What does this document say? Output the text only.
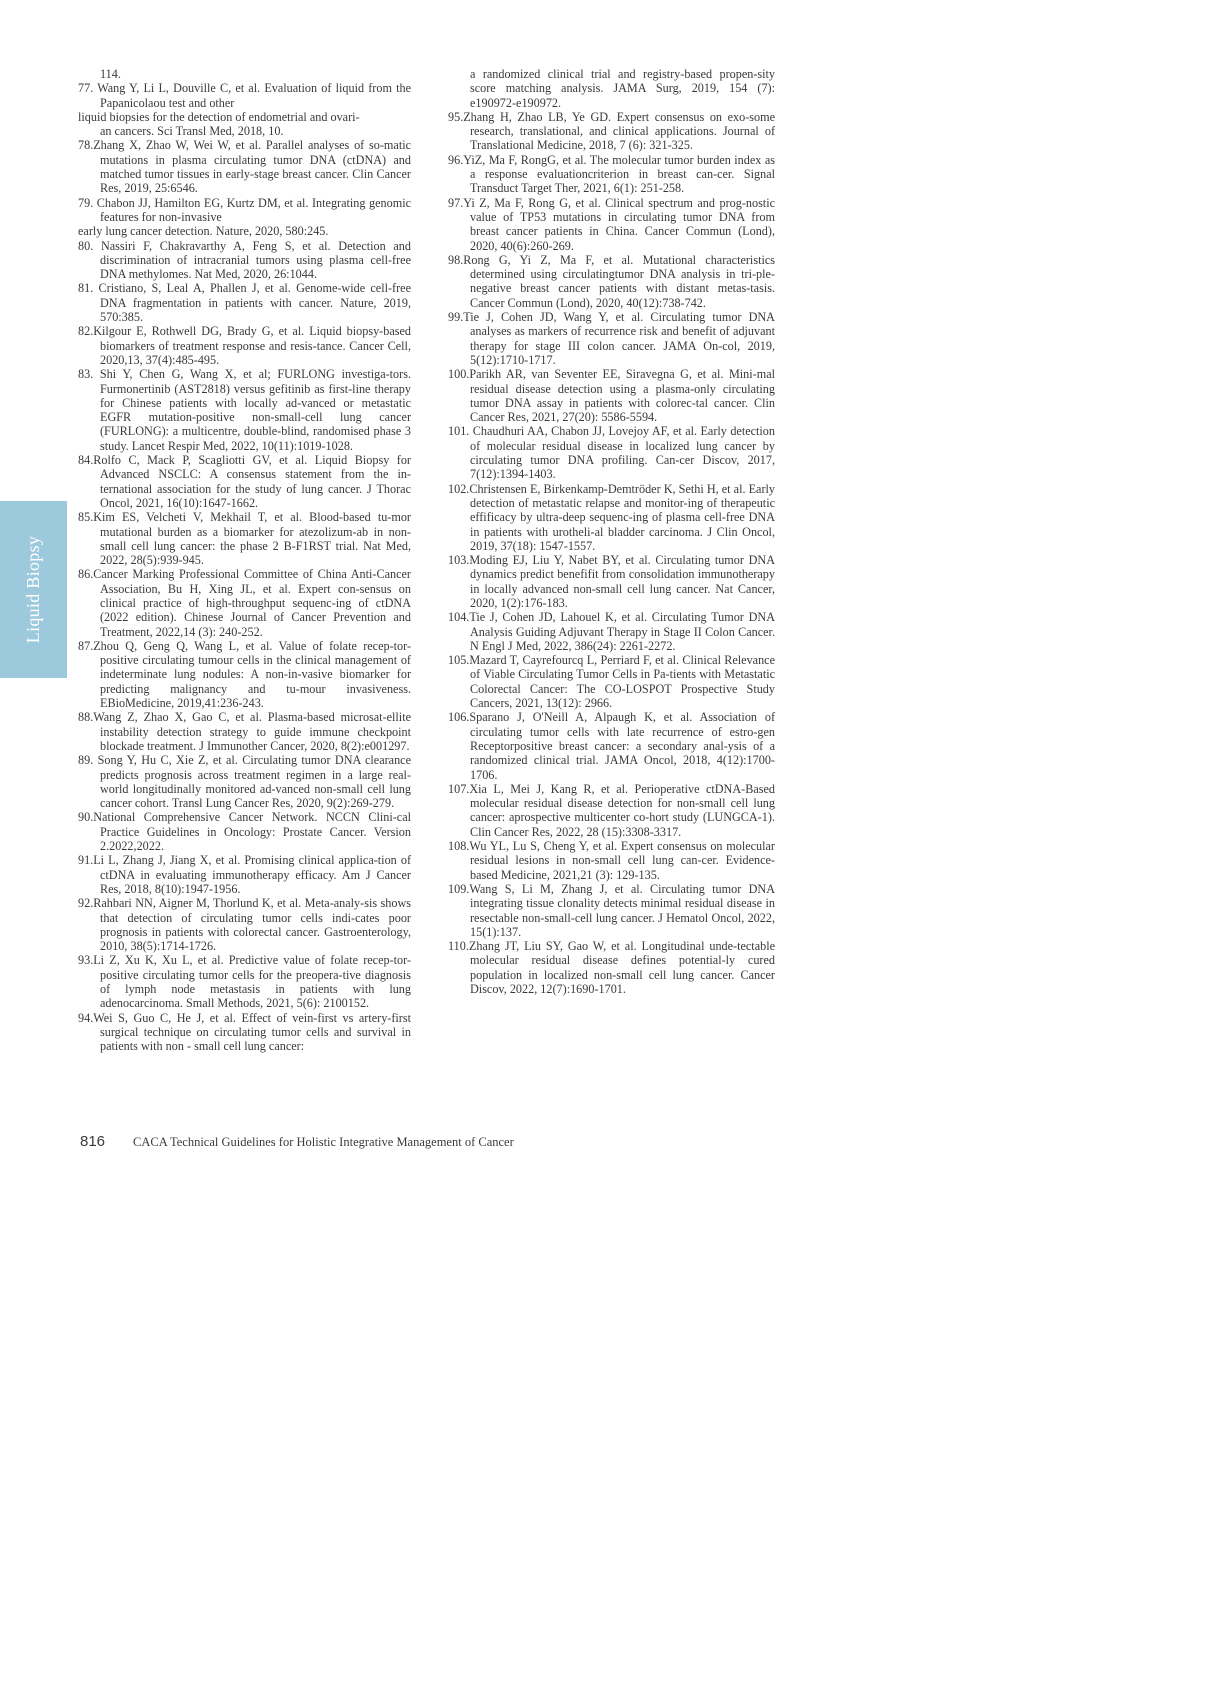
Liquid Biopsy

114.

77. Wang Y, Li L, Douville C, et al. Evaluation of liquid from the Papanicolaou test and other

liquid biopsies for the detection of endometrial and ovari-

an cancers. Sci Transl Med, 2018, 10.

78.Zhang X, Zhao W, Wei W, et al. Parallel analyses of so-matic mutations in plasma circulating tumor DNA (ctDNA) and matched tumor tissues in early-stage breast cancer. Clin Cancer Res, 2019, 25:6546.

79. Chabon JJ, Hamilton EG, Kurtz DM, et al. Integrating genomic features for non-invasive

early lung cancer detection. Nature, 2020, 580:245.

80. Nassiri F, Chakravarthy A, Feng S, et al. Detection and discrimination of intracranial tumors using plasma cell-free DNA methylomes. Nat Med, 2020, 26:1044.

81. Cristiano, S, Leal A, Phallen J, et al. Genome-wide cell-free DNA fragmentation in patients with cancer. Nature, 2019, 570:385.

82.Kilgour E, Rothwell DG, Brady G, et al. Liquid biopsy-based biomarkers of treatment response and resis-tance. Cancer Cell, 2020,13, 37(4):485-495.

83. Shi Y, Chen G, Wang X, et al; FURLONG investiga-tors. Furmonertinib (AST2818) versus gefitinib as first-line therapy for Chinese patients with locally ad-vanced or metastatic EGFR mutation-positive non-small-cell lung cancer (FURLONG): a multicentre, double-blind, randomised phase 3 study. Lancet Respir Med, 2022, 10(11):1019-1028.

84.Rolfo C, Mack P, Scagliotti GV, et al. Liquid Biopsy for Advanced NSCLC: A consensus statement from the in-ternational association for the study of lung cancer. J Thorac Oncol, 2021, 16(10):1647-1662.

85.Kim ES, Velcheti V, Mekhail T, et al. Blood-based tu-mor mutational burden as a biomarker for atezolizum-ab in non-small cell lung cancer: the phase 2 B-F1RST trial. Nat Med, 2022, 28(5):939-945.

86.Cancer Marking Professional Committee of China Anti-Cancer Association, Bu H, Xing JL, et al. Expert con-sensus on clinical practice of high-throughput sequenc-ing of ctDNA (2022 edition). Chinese Journal of Cancer Prevention and Treatment, 2022,14 (3): 240-252.

87.Zhou Q, Geng Q, Wang L, et al. Value of folate recep-tor-positive circulating tumour cells in the clinical management of indeterminate lung nodules: A non-in-vasive biomarker for predicting malignancy and tu-mour invasiveness. EBioMedicine, 2019,41:236-243.

88.Wang Z, Zhao X, Gao C, et al. Plasma-based microsat-ellite instability detection strategy to guide immune checkpoint blockade treatment. J Immunother Cancer, 2020, 8(2):e001297.

89. Song Y, Hu C, Xie Z, et al. Circulating tumor DNA clearance predicts prognosis across treatment regimen in a large real-world longitudinally monitored ad-vanced non-small cell lung cancer cohort. Transl Lung Cancer Res, 2020, 9(2):269-279.

90.National Comprehensive Cancer Network. NCCN Clini-cal Practice Guidelines in Oncology: Prostate Cancer. Version 2.2022,2022.

91.Li L, Zhang J, Jiang X, et al. Promising clinical applica-tion of ctDNA in evaluating immunotherapy efficacy. Am J Cancer Res, 2018, 8(10):1947-1956.

92.Rahbari NN, Aigner M, Thorlund K, et al. Meta-analy-sis shows that detection of circulating tumor cells indi-cates poor prognosis in patients with colorectal cancer. Gastroenterology, 2010, 38(5):1714-1726.

93.Li Z, Xu K, Xu L, et al. Predictive value of folate recep-tor-positive circulating tumor cells for the preopera-tive diagnosis of lymph node metastasis in patients with lung adenocarcinoma. Small Methods, 2021, 5(6): 2100152.

94.Wei S, Guo C, He J, et al. Effect of vein-first vs artery-first surgical technique on circulating tumor cells and survival in patients with non - small cell lung cancer:

a randomized clinical trial and registry-based propen-sity score matching analysis. JAMA Surg, 2019, 154 (7): e190972-e190972.

95.Zhang H, Zhao LB, Ye GD. Expert consensus on exo-some research, translational, and clinical applications. Journal of Translational Medicine, 2018, 7 (6): 321-325.

96.YiZ, Ma F, RongG, et al. The molecular tumor burden index as a response evaluationcriterion in breast can-cer. Signal Transduct Target Ther, 2021, 6(1): 251-258.

97.Yi Z, Ma F, Rong G, et al. Clinical spectrum and prog-nostic value of TP53 mutations in circulating tumor DNA from breast cancer patients in China. Cancer Commun (Lond), 2020, 40(6):260-269.

98.Rong G, Yi Z, Ma F, et al. Mutational characteristics determined using circulatingtumor DNA analysis in tri-ple-negative breast cancer patients with distant metas-tasis. Cancer Commun (Lond), 2020, 40(12):738-742.

99.Tie J, Cohen JD, Wang Y, et al. Circulating tumor DNA analyses as markers of recurrence risk and benefit of adjuvant therapy for stage III colon cancer. JAMA On-col, 2019, 5(12):1710-1717.

100.Parikh AR, van Seventer EE, Siravegna G, et al. Mini-mal residual disease detection using a plasma-only circulating tumor DNA assay in patients with colorec-tal cancer. Clin Cancer Res, 2021, 27(20): 5586-5594.

101. Chaudhuri AA, Chabon JJ, Lovejoy AF, et al. Early detection of molecular residual disease in localized lung cancer by circulating tumor DNA profiling. Can-cer Discov, 2017, 7(12):1394-1403.

102.Christensen E, Birkenkamp-Demtröder K, Sethi H, et al. Early detection of metastatic relapse and monitor-ing of therapeutic effificacy by ultra-deep sequenc-ing of plasma cell-free DNA in patients with urotheli-al bladder carcinoma. J Clin Oncol, 2019, 37(18): 1547-1557.

103.Moding EJ, Liu Y, Nabet BY, et al. Circulating tumor DNA dynamics predict benefifit from consolidation immunotherapy in locally advanced non-small cell lung cancer. Nat Cancer, 2020, 1(2):176-183.

104.Tie J, Cohen JD, Lahouel K, et al. Circulating Tumor DNA Analysis Guiding Adjuvant Therapy in Stage II Colon Cancer. N Engl J Med, 2022, 386(24): 2261-2272.

105.Mazard T, Cayrefourcq L, Perriard F, et al. Clinical Relevance of Viable Circulating Tumor Cells in Pa-tients with Metastatic Colorectal Cancer: The CO-LOSPOT Prospective Study Cancers, 2021, 13(12): 2966.

106.Sparano J, O'Neill A, Alpaugh K, et al. Association of circulating tumor cells with late recurrence of estro-gen Receptorpositive breast cancer: a secondary anal-ysis of a randomized clinical trial. JAMA Oncol, 2018, 4(12):1700-1706.

107.Xia L, Mei J, Kang R, et al. Perioperative ctDNA-Based molecular residual disease detection for non-small cell lung cancer: aprospective multicenter co-hort study (LUNGCA-1). Clin Cancer Res, 2022, 28 (15):3308-3317.

108.Wu YL, Lu S, Cheng Y, et al. Expert consensus on molecular residual lesions in non-small cell lung can-cer. Evidence-based Medicine, 2021,21 (3): 129-135.

109.Wang S, Li M, Zhang J, et al. Circulating tumor DNA integrating tissue clonality detects minimal residual disease in resectable non-small-cell lung cancer. J Hematol Oncol, 2022, 15(1):137.

110.Zhang JT, Liu SY, Gao W, et al. Longitudinal unde-tectable molecular residual disease defines potential-ly cured population in localized non-small cell lung cancer. Cancer Discov, 2022, 12(7):1690-1701.

816 CACA Technical Guidelines for Holistic Integrative Management of Cancer
